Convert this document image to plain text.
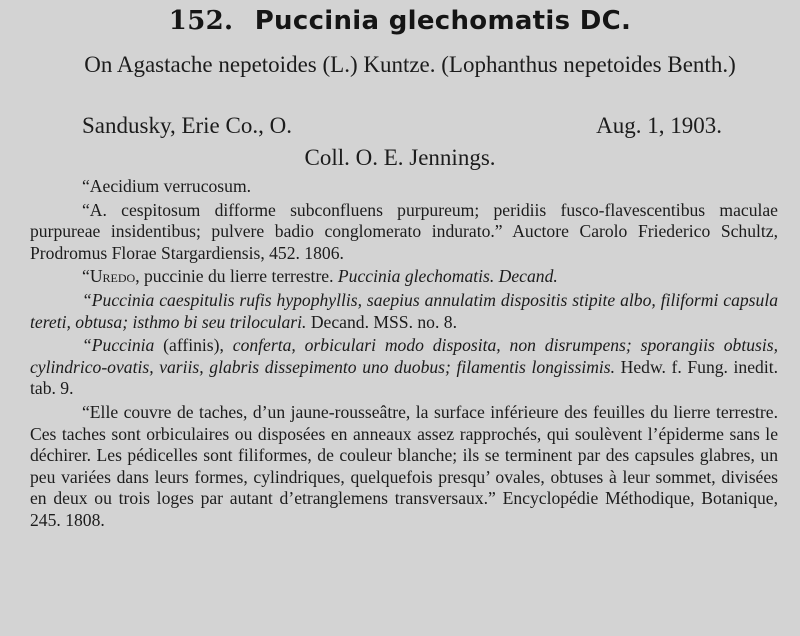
152. Puccinia glechomatis DC.
On Agastache nepetoides (L.) Kuntze. (Lophanthus nepetoides Benth.)
Sandusky, Erie Co., O.	Aug. 1, 1903.
Coll. O. E. Jennings.

“Aecidium verrucosum.

“A. cespitosum difforme subconfluens purpureum; peridiis fusco-flavescentibus maculae purpureae insidentibus; pulvere badio conglomerato indurato.” Auctore Carolo Friederico Schultz, Prodromus Florae Stargardiensis, 452. 1806.

“Uredo, puccinie du lierre terrestre. Puccinia glechomatis. Decand.

“Puccinia caespitulis rufis hypophyllis, saepius annulatim dispositis stipite albo, filiformi capsula tereti, obtusa; isthmo bi seu triloculari. Decand. MSS. no. 8.

“Puccinia (affinis), conferta, orbiculari modo disposita, non disrumpens; sporangiis obtusis, cylindrico-ovatis, variis, glabris dissepimento uno duobus; filamentis longissimis. Hedw. f. Fung. inedit. tab. 9.

“Elle couvre de taches, d’un jaune-rousseâtre, la surface inférieure des feuilles du lierre terrestre. Ces taches sont orbiculaires ou disposées en anneaux assez rapprochés, qui soulèvent l’épiderme sans le déchirer. Les pédicelles sont filiformes, de couleur blanche; ils se terminent par des capsules glabres, un peu variées dans leurs formes, cylindriques, quelquefois presqu’ ovales, obtuses à leur sommet, divisées en deux ou trois loges par autant d’etranglemens transversaux.” Encyclopédie Méthodique, Botanique, 245. 1808.
